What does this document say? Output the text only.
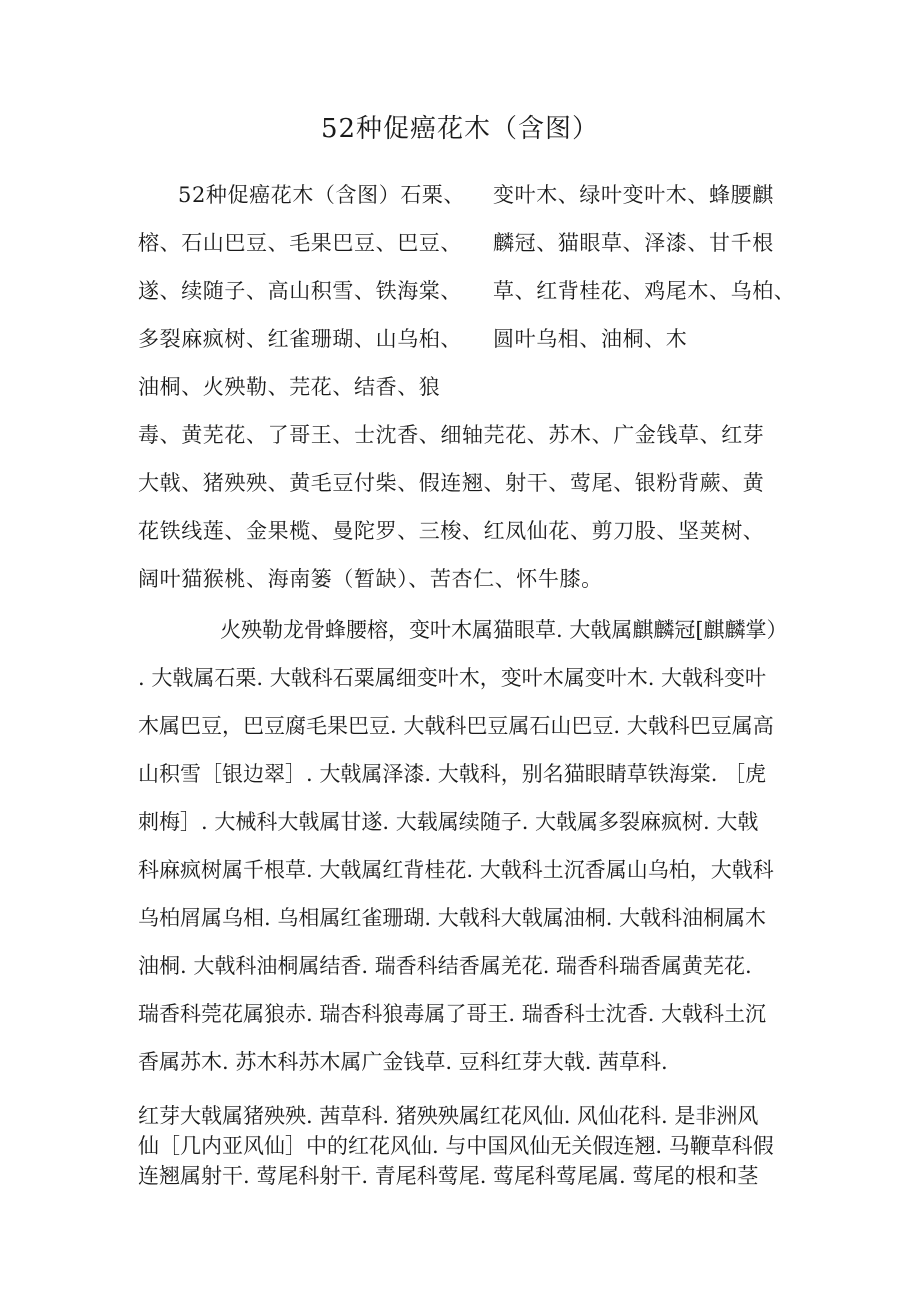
52种促癌花木（含图）
52种促癌花木（含图）石栗、
榕、石山巴豆、毛果巴豆、巴豆、
遂、续随子、高山积雪、铁海棠、
多裂麻疯树、红雀珊瑚、山乌桕、
油桐、火殃勒、芫花、结香、狼
变叶木、绿叶变叶木、蜂腰麒
麟冠、猫眼草、泽漆、甘千根
草、红背桂花、鸡尾木、乌柏、
圆叶乌相、油桐、木
毒、黄芜花、了哥王、士沈香、细轴芫花、苏木、广金钱草、红芽
大戟、猪殃殃、黄毛豆付柴、假连翘、射干、莺尾、银粉背蕨、黄
花铁线莲、金果榄、曼陀罗、三梭、红凤仙花、剪刀股、坚荚树、
阔叶猫猴桃、海南篓（暂缺）、苦杏仁、怀牛膝。
火殃勒龙骨蜂腰榕，变叶木属猫眼草. 大戟属麒麟冠[麒麟掌）
. 大戟属石栗. 大戟科石粟属细变叶木，变叶木属变叶木. 大戟科变叶
木属巴豆，巴豆腐毛果巴豆. 大戟科巴豆属石山巴豆. 大戟科巴豆属高
山积雪［银边翠］. 大戟属泽漆. 大戟科，别名猫眼睛草铁海棠. ［虎
刺梅］. 大械科大戟属甘遂. 大载属续随子. 大戟属多裂麻疯树. 大戟
科麻疯树属千根草. 大戟属红背桂花. 大戟科土沉香属山乌柏，大戟科
乌柏屑属乌相. 乌相属红雀珊瑚. 大戟科大戟属油桐. 大戟科油桐属木
油桐. 大戟科油桐属结香. 瑞香科结香属羌花. 瑞香科瑞香属黄芜花.
瑞香科莞花属狼赤. 瑞杏科狼毒属了哥王. 瑞香科士沈香. 大戟科土沉
香属苏木. 苏木科苏木属广金钱草. 豆科红芽大戟. 茜草科.
红芽大戟属猪殃殃. 茜草科. 猪殃殃属红花风仙. 风仙花科. 是非洲风
仙［几内亚风仙］中的红花风仙. 与中国风仙无关假连翘. 马鞭草科假
连翘属射干. 莺尾科射干. 青尾科莺尾. 莺尾科莺尾属. 莺尾的根和茎
